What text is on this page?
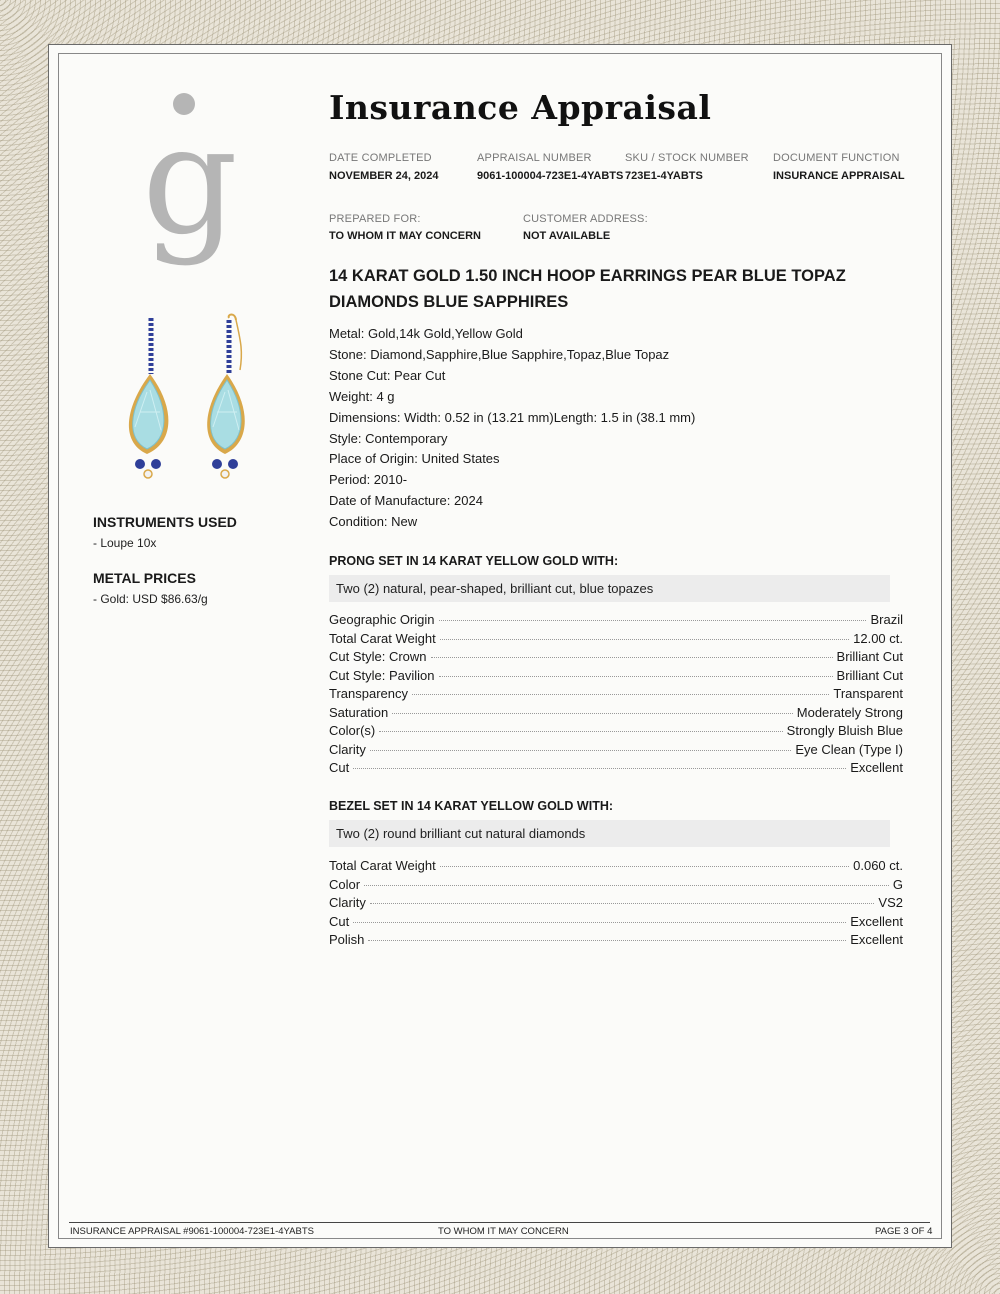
g
INSTRUMENTS USED
- Loupe 10x
METAL PRICES
- Gold: USD $86.63/g
Insurance Appraisal
DATE COMPLETED
NOVEMBER 24, 2024
APPRAISAL NUMBER
9061-100004-723E1-4YABTS
SKU / STOCK NUMBER
723E1-4YABTS
DOCUMENT FUNCTION
INSURANCE APPRAISAL
PREPARED FOR:
TO WHOM IT MAY CONCERN
CUSTOMER ADDRESS:
NOT AVAILABLE
14 KARAT GOLD 1.50 INCH HOOP EARRINGS PEAR BLUE TOPAZ DIAMONDS BLUE SAPPHIRES
Metal: Gold,14k Gold,Yellow Gold
Stone: Diamond,Sapphire,Blue Sapphire,Topaz,Blue Topaz
Stone Cut: Pear Cut
Weight: 4 g
Dimensions: Width: 0.52 in (13.21 mm)Length: 1.5 in (38.1 mm)
Style: Contemporary
Place of Origin: United States
Period: 2010-
Date of Manufacture: 2024
Condition: New
PRONG SET IN 14 KARAT YELLOW GOLD WITH:
Two (2) natural, pear-shaped, brilliant cut, blue topazes
Geographic Origin	Brazil
Total Carat Weight	12.00 ct.
Cut Style: Crown	Brilliant Cut
Cut Style: Pavilion	Brilliant Cut
Transparency	Transparent
Saturation	Moderately Strong
Color(s)	Strongly Bluish Blue
Clarity	Eye Clean (Type I)
Cut	Excellent
BEZEL SET IN 14 KARAT YELLOW GOLD WITH:
Two (2) round brilliant cut natural diamonds
Total Carat Weight	0.060 ct.
Color	G
Clarity	VS2
Cut	Excellent
Polish	Excellent
INSURANCE APPRAISAL #9061-100004-723E1-4YABTS	TO WHOM IT MAY CONCERN	PAGE 3 OF 4
